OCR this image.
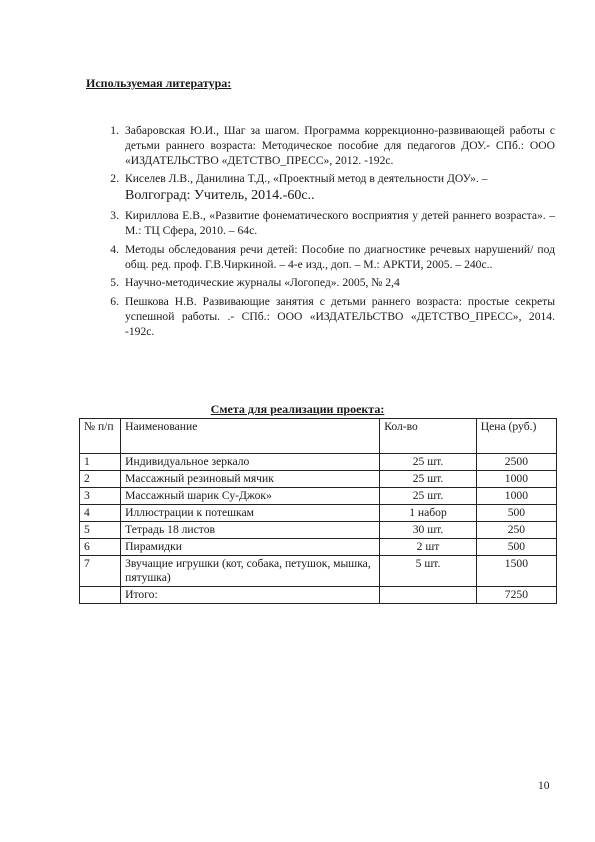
Используемая литература:
1. Забаровская Ю.И., Шаг за шагом. Программа коррекционно-развивающей работы с детьми раннего возраста: Методическое пособие для педагогов ДОУ.- СПб.: ООО «ИЗДАТЕЛЬСТВО «ДЕТСТВО_ПРЕСС», 2012. -192с.
2. Киселев Л.В., Данилина Т.Д., «Проектный метод в деятельности ДОУ». –
Волгоград: Учитель, 2014.-60с..
3. Кириллова Е.В., «Развитие фонематического восприятия у детей раннего возраста». – М.: ТЦ Сфера, 2010. – 64с.
4. Методы обследования речи детей: Пособие по диагностике речевых нарушений/ под общ. ред. проф. Г.В.Чиркиной. – 4-е изд., доп. – М.: АРКТИ, 2005. – 240с..
5. Научно-методические журналы «Логопед». 2005, № 2,4
6. Пешкова Н.В. Развивающие занятия с детьми раннего возраста: простые секреты успешной работы. .- СПб.: ООО «ИЗДАТЕЛЬСТВО «ДЕТСТВО_ПРЕСС», 2014. -192с.
Смета для реализации проекта:
№ п/п	Наименование	Кол-во	Цена (руб.)
1	Индивидуальное зеркало	25 шт.	2500
2	Массажный резиновый мячик	25 шт.	1000
3	Массажный шарик Су-Джок»	25 шт.	1000
4	Иллюстрации к потешкам	1 набор	500
5	Тетрадь 18 листов	30 шт.	250
6	Пирамидки	2 шт	500
7	Звучащие игрушки (кот, собака, петушок, мышка, пятушка)	5 шт.	1500
	Итого:		7250
10
